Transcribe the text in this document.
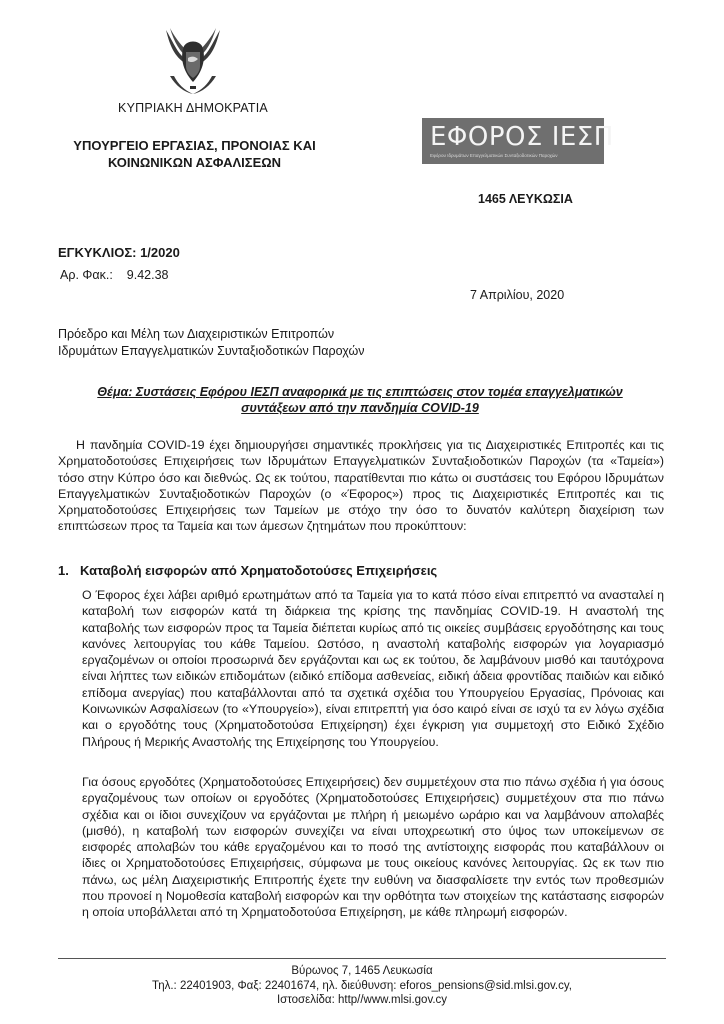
ΚΥΠΡΙΑΚΗ ΔΗΜΟΚΡΑΤΙΑ
ΥΠΟΥΡΓΕΙΟ ΕΡΓΑΣΙΑΣ, ΠΡΟΝΟΙΑΣ ΚΑΙ
ΚΟΙΝΩΝΙΚΩΝ ΑΣΦΑΛΙΣΕΩΝ
ΕΦΟΡΟΣ ΙΕΣΠ
Εφόρου Ιδρυμάτων Επαγγελματικών Συνταξιοδοτικών Παροχών
1465 ΛΕΥΚΩΣΙΑ
ΕΓΚΥΚΛΙΟΣ: 1/2020
Αρ. Φακ.: 9.42.38
7 Απριλίου, 2020
Πρόεδρο και Μέλη των Διαχειριστικών Επιτροπών
Ιδρυμάτων Επαγγελματικών Συνταξιοδοτικών Παροχών
Θέμα: Συστάσεις Εφόρου ΙΕΣΠ αναφορικά με τις επιπτώσεις στον τομέα επαγγελματικών
συντάξεων από την πανδημία COVID-19
Η πανδημία COVID-19 έχει δημιουργήσει σημαντικές προκλήσεις για τις Διαχειριστικές Επιτροπές και τις Χρηματοδοτούσες Επιχειρήσεις των Ιδρυμάτων Επαγγελματικών Συνταξιοδοτικών Παροχών (τα «Ταμεία») τόσο στην Κύπρο όσο και διεθνώς. Ως εκ τούτου, παρατίθενται πιο κάτω οι συστάσεις του Εφόρου Ιδρυμάτων Επαγγελματικών Συνταξιοδοτικών Παροχών (ο «Έφορος») προς τις Διαχειριστικές Επιτροπές και τις Χρηματοδοτούσες Επιχειρήσεις των Ταμείων με στόχο την όσο το δυνατόν καλύτερη διαχείριση των επιπτώσεων προς τα Ταμεία και των άμεσων ζητημάτων που προκύπτουν:
1. Καταβολή εισφορών από Χρηματοδοτούσες Επιχειρήσεις
Ο Έφορος έχει λάβει αριθμό ερωτημάτων από τα Ταμεία για το κατά πόσο είναι επιτρεπτό να ανασταλεί η καταβολή των εισφορών κατά τη διάρκεια της κρίσης της πανδημίας COVID-19. Η αναστολή της καταβολής των εισφορών προς τα Ταμεία διέπεται κυρίως από τις οικείες συμβάσεις εργοδότησης και τους κανόνες λειτουργίας του κάθε Ταμείου. Ωστόσο, η αναστολή καταβολής εισφορών για λογαριασμό εργαζομένων οι οποίοι προσωρινά δεν εργάζονται και ως εκ τούτου, δε λαμβάνουν μισθό και ταυτόχρονα είναι λήπτες των ειδικών επιδομάτων (ειδικό επίδομα ασθενείας, ειδική άδεια φροντίδας παιδιών και ειδικό επίδομα ανεργίας) που καταβάλλονται από τα σχετικά σχέδια του Υπουργείου Εργασίας, Πρόνοιας και Κοινωνικών Ασφαλίσεων (το «Υπουργείο»), είναι επιτρεπτή για όσο καιρό είναι σε ισχύ τα εν λόγω σχέδια και ο εργοδότης τους (Χρηματοδοτούσα Επιχείρηση) έχει έγκριση για συμμετοχή στο Ειδικό Σχέδιο Πλήρους ή Μερικής Αναστολής της Επιχείρησης του Υπουργείου.
Για όσους εργοδότες (Χρηματοδοτούσες Επιχειρήσεις) δεν συμμετέχουν στα πιο πάνω σχέδια ή για όσους εργαζομένους των οποίων οι εργοδότες (Χρηματοδοτούσες Επιχειρήσεις) συμμετέχουν στα πιο πάνω σχέδια και οι ίδιοι συνεχίζουν να εργάζονται με πλήρη ή μειωμένο ωράριο και να λαμβάνουν απολαβές (μισθό), η καταβολή των εισφορών συνεχίζει να είναι υποχρεωτική στο ύψος των υποκείμενων σε εισφορές απολαβών του κάθε εργαζομένου και το ποσό της αντίστοιχης εισφοράς που καταβάλλουν οι ίδιες οι Χρηματοδοτούσες Επιχειρήσεις, σύμφωνα με τους οικείους κανόνες λειτουργίας. Ως εκ των πιο πάνω, ως μέλη Διαχειριστικής Επιτροπής έχετε την ευθύνη να διασφαλίσετε την εντός των προθεσμιών που προνοεί η Νομοθεσία καταβολή εισφορών και την ορθότητα των στοιχείων της κατάστασης εισφορών η οποία υποβάλλεται από τη Χρηματοδοτούσα Επιχείρηση, με κάθε πληρωμή εισφορών.
Βύρωνος 7, 1465 Λευκωσία
Τηλ.: 22401903, Φαξ: 22401674, ηλ. διεύθυνση: eforos_pensions@sid.mlsi.gov.cy,
Ιστοσελίδα: http//www.mlsi.gov.cy
